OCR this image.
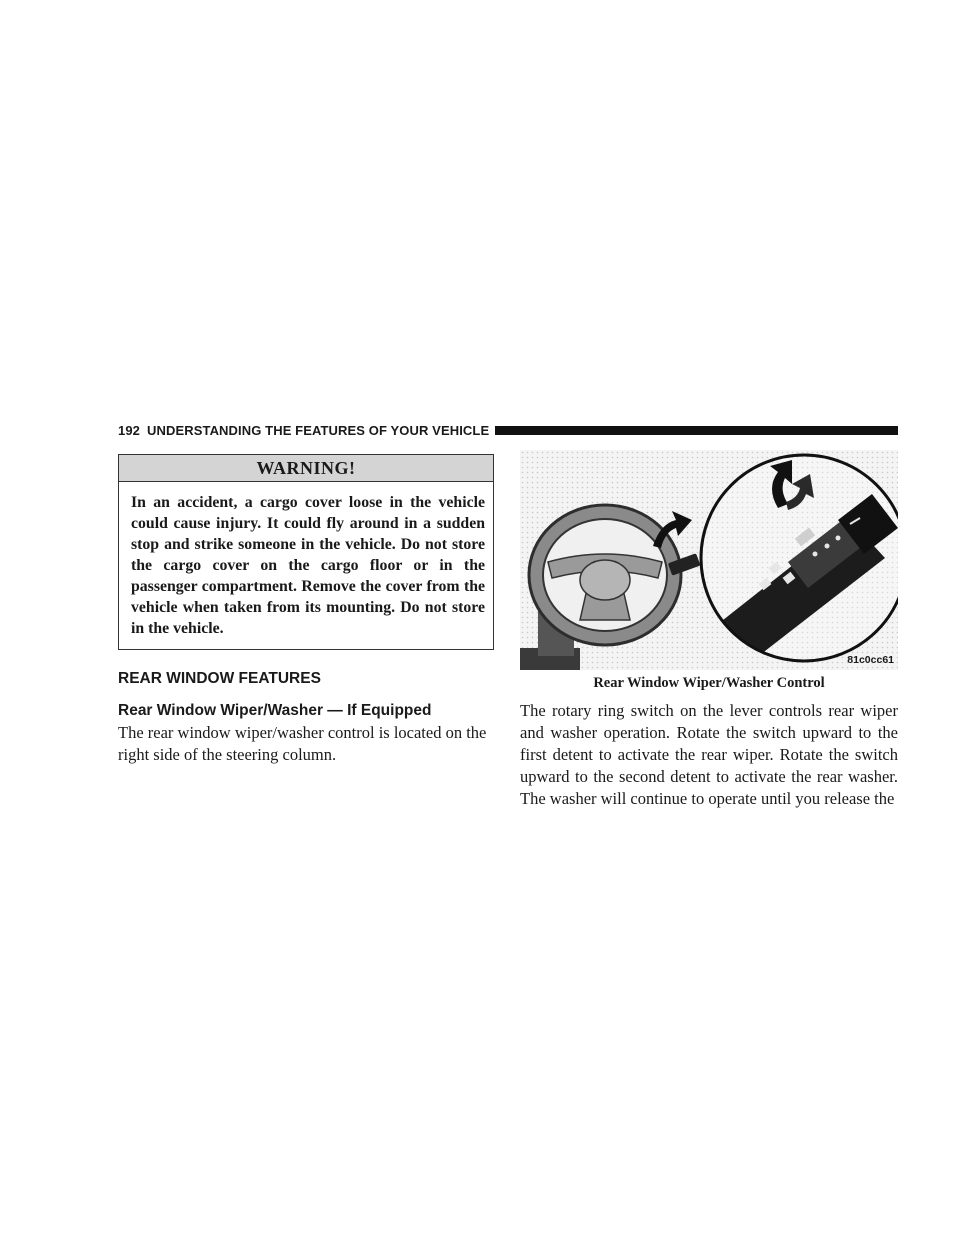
192 UNDERSTANDING THE FEATURES OF YOUR VEHICLE
WARNING!
In an accident, a cargo cover loose in the vehicle could cause injury. It could fly around in a sudden stop and strike someone in the vehicle. Do not store the cargo cover on the cargo floor or in the passenger compartment. Remove the cover from the vehicle when taken from its mounting. Do not store in the vehicle.
REAR WINDOW FEATURES
Rear Window Wiper/Washer — If Equipped
The rear window wiper/washer control is located on the right side of the steering column.
81c0cc61
Rear Window Wiper/Washer Control
The rotary ring switch on the lever controls rear wiper and washer operation. Rotate the switch upward to the first detent to activate the rear wiper. Rotate the switch upward to the second detent to activate the rear washer. The washer will continue to operate until you release the
